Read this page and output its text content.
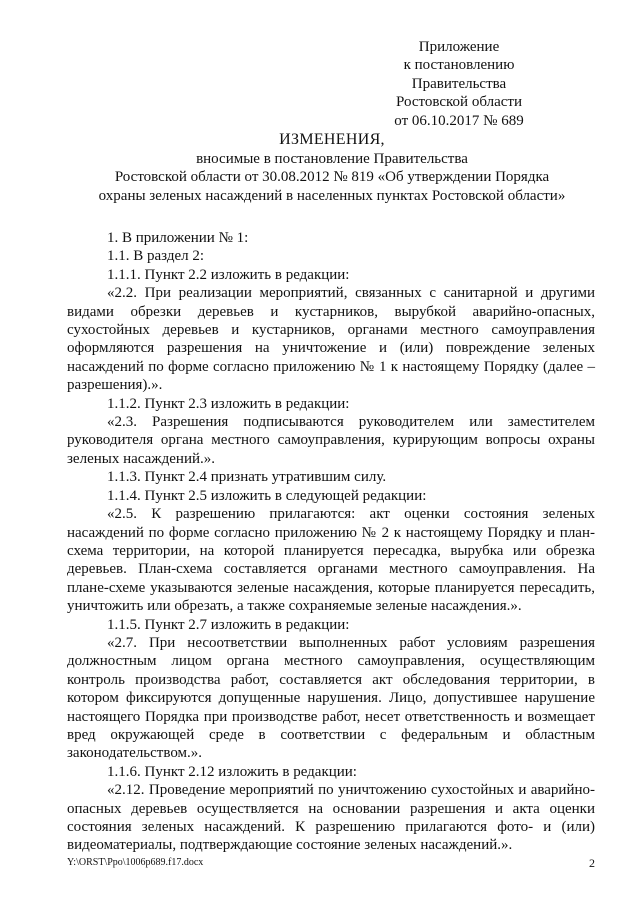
Приложение
к постановлению
Правительства
Ростовской области
от 06.10.2017 № 689
ИЗМЕНЕНИЯ,
вносимые в постановление Правительства
Ростовской области от 30.08.2012 № 819 «Об утверждении Порядка
охраны зеленых насаждений в населенных пунктах Ростовской области»

1. В приложении № 1:

1.1. В раздел 2:

1.1.1. Пункт 2.2 изложить в редакции:

«2.2. При реализации мероприятий, связанных с санитарной и другими видами обрезки деревьев и кустарников, вырубкой аварийно-опасных, сухостойных деревьев и кустарников, органами местного самоуправления оформляются разрешения на уничтожение и (или) повреждение зеленых насаждений по форме согласно приложению № 1 к настоящему Порядку (далее – разрешения).».

1.1.2. Пункт 2.3 изложить в редакции:

«2.3. Разрешения подписываются руководителем или заместителем руководителя органа местного самоуправления, курирующим вопросы охраны зеленых насаждений.».

1.1.3. Пункт 2.4 признать утратившим силу.

1.1.4. Пункт 2.5 изложить в следующей редакции:

«2.5. К разрешению прилагаются: акт оценки состояния зеленых насаждений по форме согласно приложению № 2 к настоящему Порядку и план-схема территории, на которой планируется пересадка, вырубка или обрезка деревьев. План-схема составляется органами местного самоуправления. На плане-схеме указываются зеленые насаждения, которые планируется пересадить, уничтожить или обрезать, а также сохраняемые зеленые насаждения.».

1.1.5. Пункт 2.7 изложить в редакции:

«2.7. При несоответствии выполненных работ условиям разрешения должностным лицом органа местного самоуправления, осуществляющим контроль производства работ, составляется акт обследования территории, в котором фиксируются допущенные нарушения. Лицо, допустившее нарушение настоящего Порядка при производстве работ, несет ответственность и возмещает вред окружающей среде в соответствии с федеральным и областным законодательством.».

1.1.6. Пункт 2.12 изложить в редакции:

«2.12. Проведение мероприятий по уничтожению сухостойных и аварийно-опасных деревьев осуществляется на основании разрешения и акта оценки состояния зеленых насаждений. К разрешению прилагаются фото- и (или) видеоматериалы, подтверждающие состояние зеленых насаждений.».

Y:\ORST\Ppo\1006p689.f17.docx	2
